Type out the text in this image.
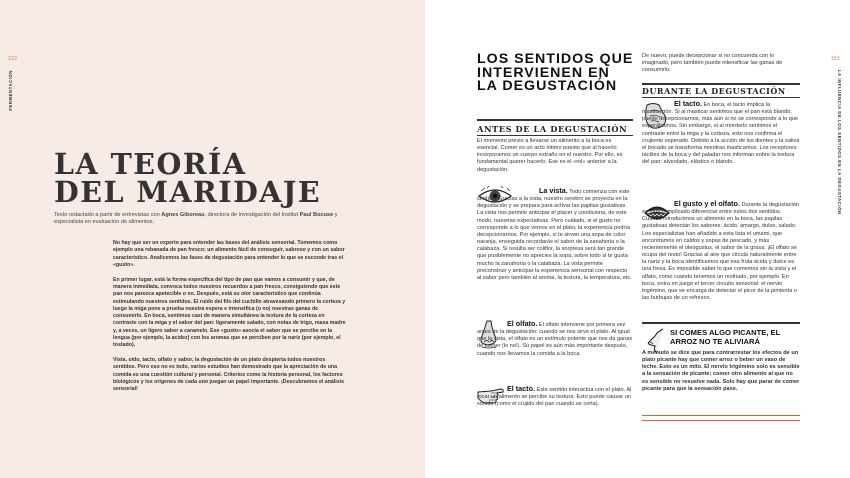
152
FERMENTACIÓN
LA TEORÍA
DEL MARIDAJE
Texto redactado a partir de entrevistas con Agnes Giboreau, directora de investigación del Institut Paul Bocuse y especialista en evaluación de alimentos.

No hay que ser un experto para entender las bases del análisis sensorial. Tomemos como ejemplo una rebanada de pan fresco: un alimento fácil de conseguir, sabroso y con un sabor característico. Analicemos las fases de degustación para entender lo que se esconde tras el «gusto».

En primer lugar, está la forma específica del tipo de pan que vamos a consumir y que, de manera inmediata, convoca todos nuestros recuerdos a pan fresco, consiguiendo que este pan nos parezca apetecible o no. Después, está su olor característico que continúa estimulando nuestros sentidos. El ruido del filo del cuchillo atravesando primero la corteza y luego la miga pone a prueba nuestra espera e intensifica (o no) nuestras ganas de consumirlo. En boca, sentimos casi de manera simultánea la textura de la corteza en contraste con la miga y el sabor del pan: ligeramente salado, con notas de trigo, masa madre y, a veces, un ligero sabor a caramelo. Ese «gusto» asocia el sabor que se percibe en la lengua (por ejemplo, la acidez) con los aromas que se perciben por la nariz (por ejemplo, el tostado).

Vista, oído, tacto, olfato y sabor, la degustación de un plato despierta todos nuestros sentidos. Pero eso no es todo, varios estudios han demostrado que la apreciación de una comida es una cuestión cultural y personal. Criterios como la historia personal, los factores biológicos y los orígenes de cada uno juegan un papel importante. ¡Descubramos el análisis sensorial!

153
LA INFLUENCIA DE LOS SENTIDOS EN LA DEGUSTACIÓN
LOS SENTIDOS QUE
INTERVIENEN EN
LA DEGUSTACIÓN
ANTES DE LA DEGUSTACIÓN
El momento previo a llevarse un alimento a la boca es esencial. Comer es un acto íntimo puesto que al hacerlo incorporamos un cuerpo extraño en el nuestro. Por ello, es fundamental querer hacerlo. Ese es el «rol» anterior a la degustación.
La vista. Todo comienza con este sentido. Gracias a la vista, nuestro cerebro se proyecta en la degustación y se prepara para activar las papilas gustativas. La vista nos permite anticipar el placer y condiciona, de este modo, nuestras expectativas. Pero cuidado, si el gusto no corresponde a lo que vemos en el plato, la experiencia podría decepcionarnos. Por ejemplo, si te sirven una sopa de color naranja, enseguida recordarás el sabor de la zanahoria o la calabaza. Si resulta ser coliflor, la sorpresa será tan grande que posiblemente no aprecies la sopa, sobre todo si te gusta mucho la zanahoria o la calabaza. La vista permite preconstruir y anticipar la experiencia sensorial con respecto al sabor pero también al aroma, la textura, la temperatura, etc.
El olfato. El olfato interviene por primera vez antes de la degustación: cuando se nos sirve el plato. Al igual que la vista, el olfato es un estímulo potente que nos da ganas de comer (lo no!). Su papel es aún más importante después, cuando nos llevamos la comida a la boca.
El tacto. Este sentido interactúa con el plato. Al tocar un alimento se percibe su textura. Esto puede causar un sonido (como el crujido del pan cuando se corta).
De nuevo, puede decepcionar si no concuerda con lo imaginado, pero también puede intensificar las ganas de consumirlo.
DURANTE LA DEGUSTACIÓN
El tacto. En boca, el tacto implica la masticación. Si al masticar sentimos que el pan está blando, puede decepcionarnos, más aún si no se corresponde a lo que esperábamos. Sin embargo, si al morderlo sentimos el contraste entre la miga y la corteza, esto nos confirma el crujiente esperado. Debido a la acción de los dientes y la saliva el bocado se transforma mientras masticamos. Los receptores táctiles de la boca y del paladar nos informan sobre la textura del pan: alveolado, elástico o blando.
El gusto y el olfato. Durante la degustación es muy complicado diferenciar entre estos dos sentidos. Cuando introducimos un alimento en la boca, las papilas gustativas detectan los sabores: ácido, amargo, dulce, salado. Los especialistas han añadido a esta lista el umami, que encontramos en caldos y sopas de pescado, y más recientemente el oleogustus, el sabor de la grasa. ¡El olfato se ocupa del resto! Gracias al aire que circula naturalmente entre la nariz y la boca identificamos que esa fruta ácida y dulce es una fresa. Es imposible saber lo que comemos sin la vista y el olfato, como cuando tenemos un resfriado, por ejemplo. En boca, entra en juego el tercer circuito sensorial: el nervio trigémino, que se encarga de detectar el picor de la pimienta o las burbujas de un refresco.
SI COMES ALGO PICANTE, EL ARROZ NO TE ALIVIARÁ
A menudo se dice que para contrarrestar los efectos de un plato picante hay que comer arroz o beber un vaso de leche. Esto es un mito. El nervio trigémino solo es sensible a la sensación de picante; comer otro alimento al que no es sensible no resuelve nada. Solo hay que parar de comer picante para que la sensación pase.
